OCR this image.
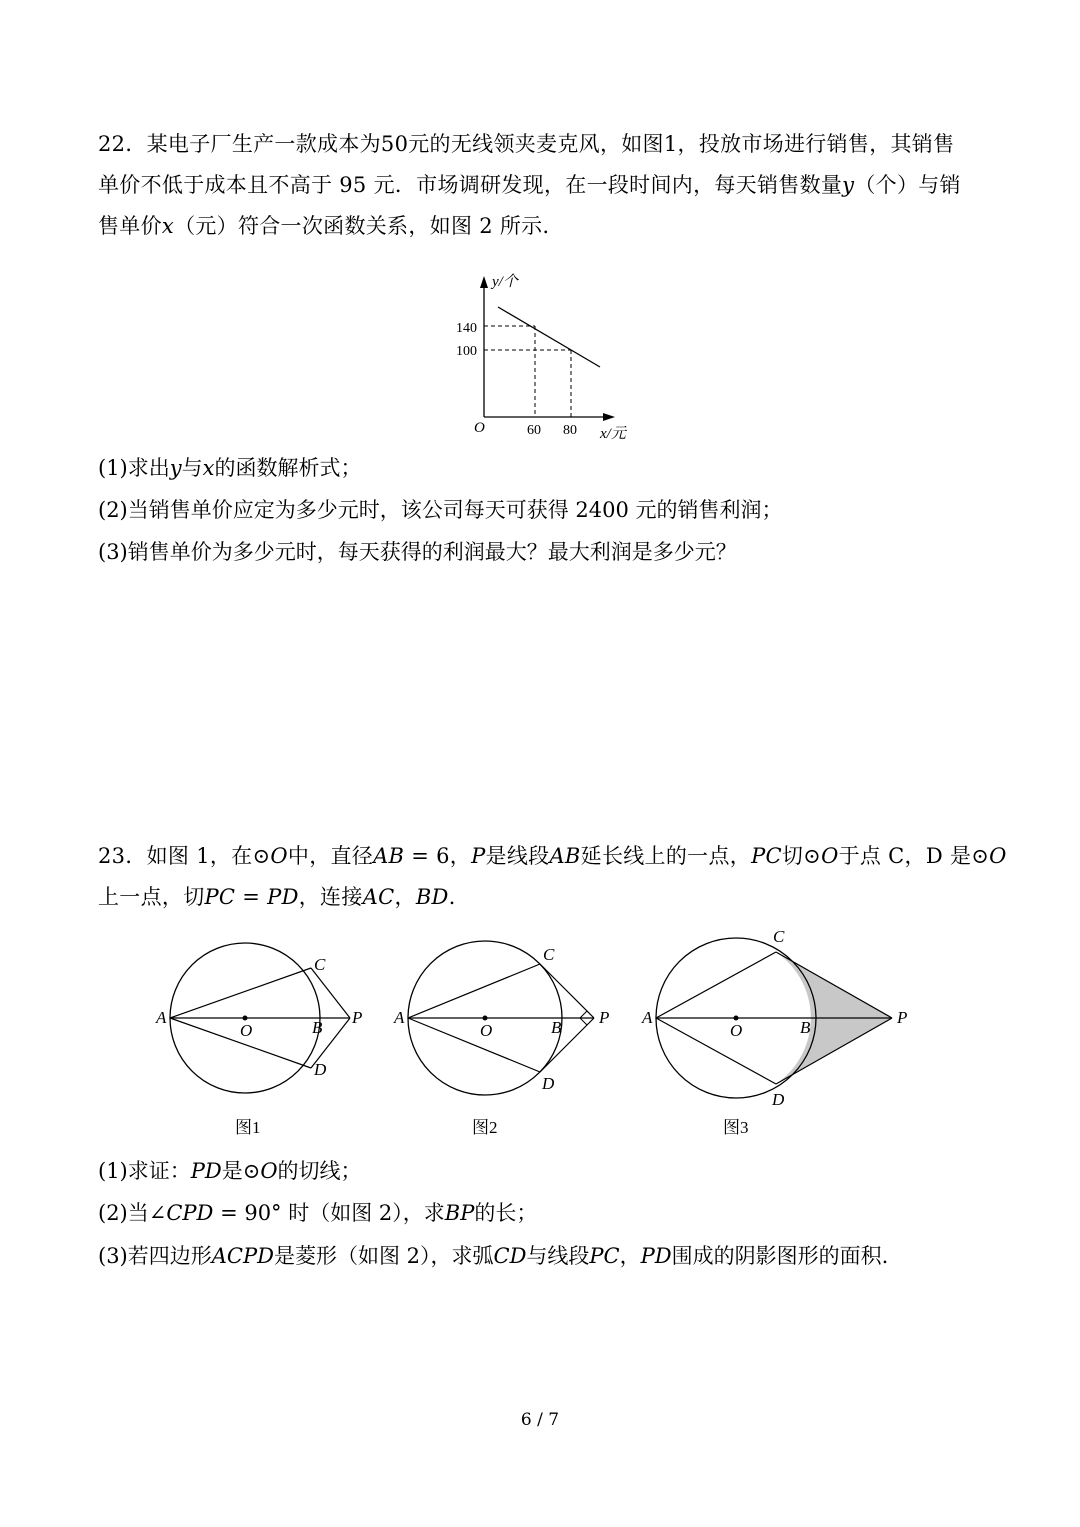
22．某电子厂生产一款成本为50元的无线领夹麦克风，如图1，投放市场进行销售，其销售
单价不低于成本且不高于 95 元．市场调研发现，在一段时间内，每天销售数量y（个）与销
售单价x（元）符合一次函数关系，如图 2 所示．
y/个
x/元
O
140
100
60 80
(1)求出y与x的函数解析式；
(2)当销售单价应定为多少元时，该公司每天可获得 2400 元的销售利润；
(3)销售单价为多少元时，每天获得的利润最大？最大利润是多少元？
23．如图 1，在⊙O中，直径AB = 6，P是线段AB延长线上的一点，PC切⊙O于点 C，D 是⊙O
上一点，切PC = PD，连接AC，BD．
A
O	B
P
C
D
图1
A
O	B
P
C
D
图2
A
O	B
P
C
D
图3
(1)求证：PD是⊙O的切线；
(2)当∠CPD = 90° 时（如图 2），求BP的长；
(3)若四边形ACPD是菱形（如图 2），求弧CD与线段PC，PD围成的阴影图形的面积.
6 / 7
